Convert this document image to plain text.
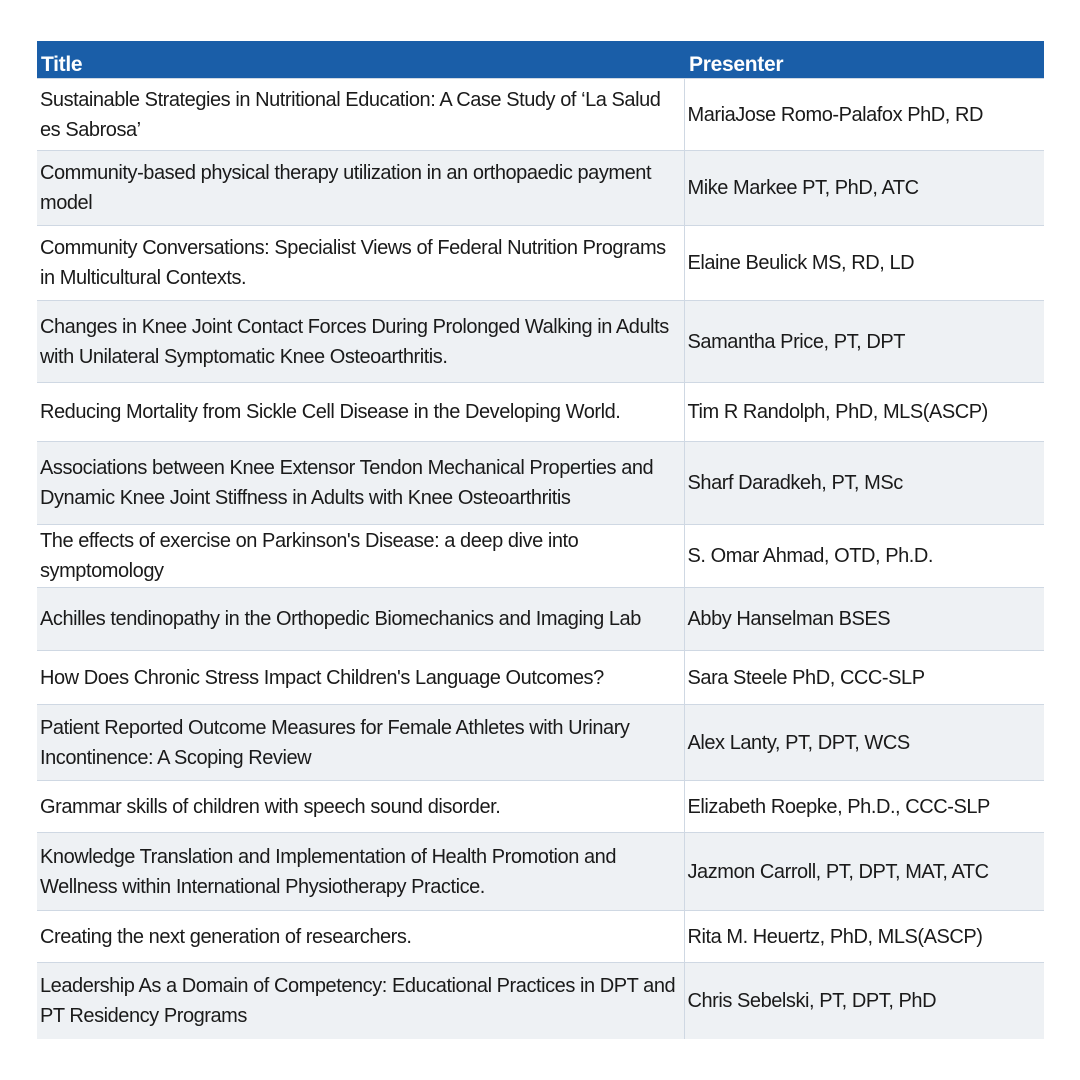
Title	Presenter
Sustainable Strategies in Nutritional Education: A Case Study of ‘La Salud es Sabrosa’	MariaJose Romo-Palafox PhD, RD
Community-based physical therapy utilization in an orthopaedic payment model	Mike Markee PT, PhD, ATC
Community Conversations: Specialist Views of Federal Nutrition Programs in Multicultural Contexts.	Elaine Beulick MS, RD, LD
Changes in Knee Joint Contact Forces During Prolonged Walking in Adults with Unilateral Symptomatic Knee Osteoarthritis.	Samantha Price, PT, DPT
Reducing Mortality from Sickle Cell Disease in the Developing World.	Tim R Randolph, PhD, MLS(ASCP)
Associations between Knee Extensor Tendon Mechanical Properties and Dynamic Knee Joint Stiffness in Adults with Knee Osteoarthritis	Sharf Daradkeh, PT, MSc
The effects of exercise on Parkinson's Disease: a deep dive into symptomology	S. Omar Ahmad, OTD, Ph.D.
Achilles tendinopathy in the Orthopedic Biomechanics and Imaging Lab	Abby Hanselman BSES
How Does Chronic Stress Impact Children's Language Outcomes?	Sara Steele PhD, CCC-SLP
Patient Reported Outcome Measures for Female Athletes with Urinary Incontinence: A Scoping Review	Alex Lanty, PT, DPT, WCS
Grammar skills of children with speech sound disorder.	Elizabeth Roepke, Ph.D., CCC-SLP
Knowledge Translation and Implementation of Health Promotion and Wellness within International Physiotherapy Practice.	Jazmon Carroll, PT, DPT, MAT, ATC
Creating the next generation of researchers.	Rita M. Heuertz, PhD, MLS(ASCP)
Leadership As a Domain of Competency: Educational Practices in DPT and PT Residency Programs	Chris Sebelski, PT, DPT, PhD
